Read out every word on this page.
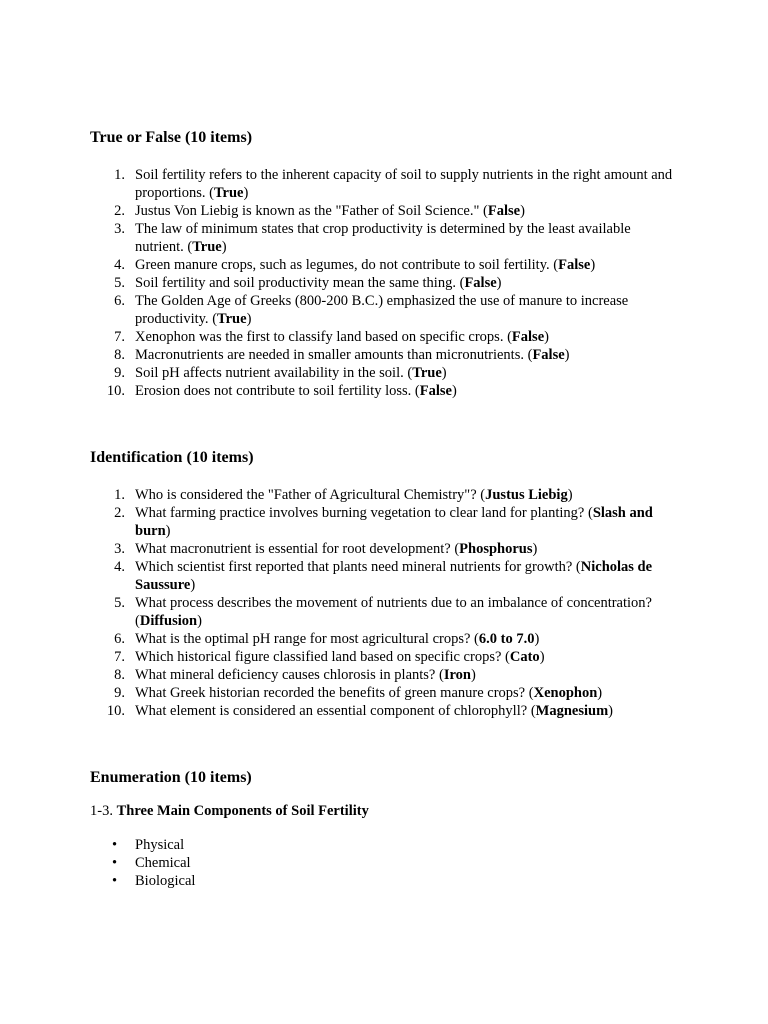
True or False (10 items)
1. Soil fertility refers to the inherent capacity of soil to supply nutrients in the right amount and proportions. (True)
2. Justus Von Liebig is known as the "Father of Soil Science." (False)
3. The law of minimum states that crop productivity is determined by the least available nutrient. (True)
4. Green manure crops, such as legumes, do not contribute to soil fertility. (False)
5. Soil fertility and soil productivity mean the same thing. (False)
6. The Golden Age of Greeks (800-200 B.C.) emphasized the use of manure to increase productivity. (True)
7. Xenophon was the first to classify land based on specific crops. (False)
8. Macronutrients are needed in smaller amounts than micronutrients. (False)
9. Soil pH affects nutrient availability in the soil. (True)
10. Erosion does not contribute to soil fertility loss. (False)
Identification (10 items)
1. Who is considered the "Father of Agricultural Chemistry"? (Justus Liebig)
2. What farming practice involves burning vegetation to clear land for planting? (Slash and burn)
3. What macronutrient is essential for root development? (Phosphorus)
4. Which scientist first reported that plants need mineral nutrients for growth? (Nicholas de Saussure)
5. What process describes the movement of nutrients due to an imbalance of concentration? (Diffusion)
6. What is the optimal pH range for most agricultural crops? (6.0 to 7.0)
7. Which historical figure classified land based on specific crops? (Cato)
8. What mineral deficiency causes chlorosis in plants? (Iron)
9. What Greek historian recorded the benefits of green manure crops? (Xenophon)
10. What element is considered an essential component of chlorophyll? (Magnesium)
Enumeration (10 items)
1-3. Three Main Components of Soil Fertility
• Physical
• Chemical
• Biological
